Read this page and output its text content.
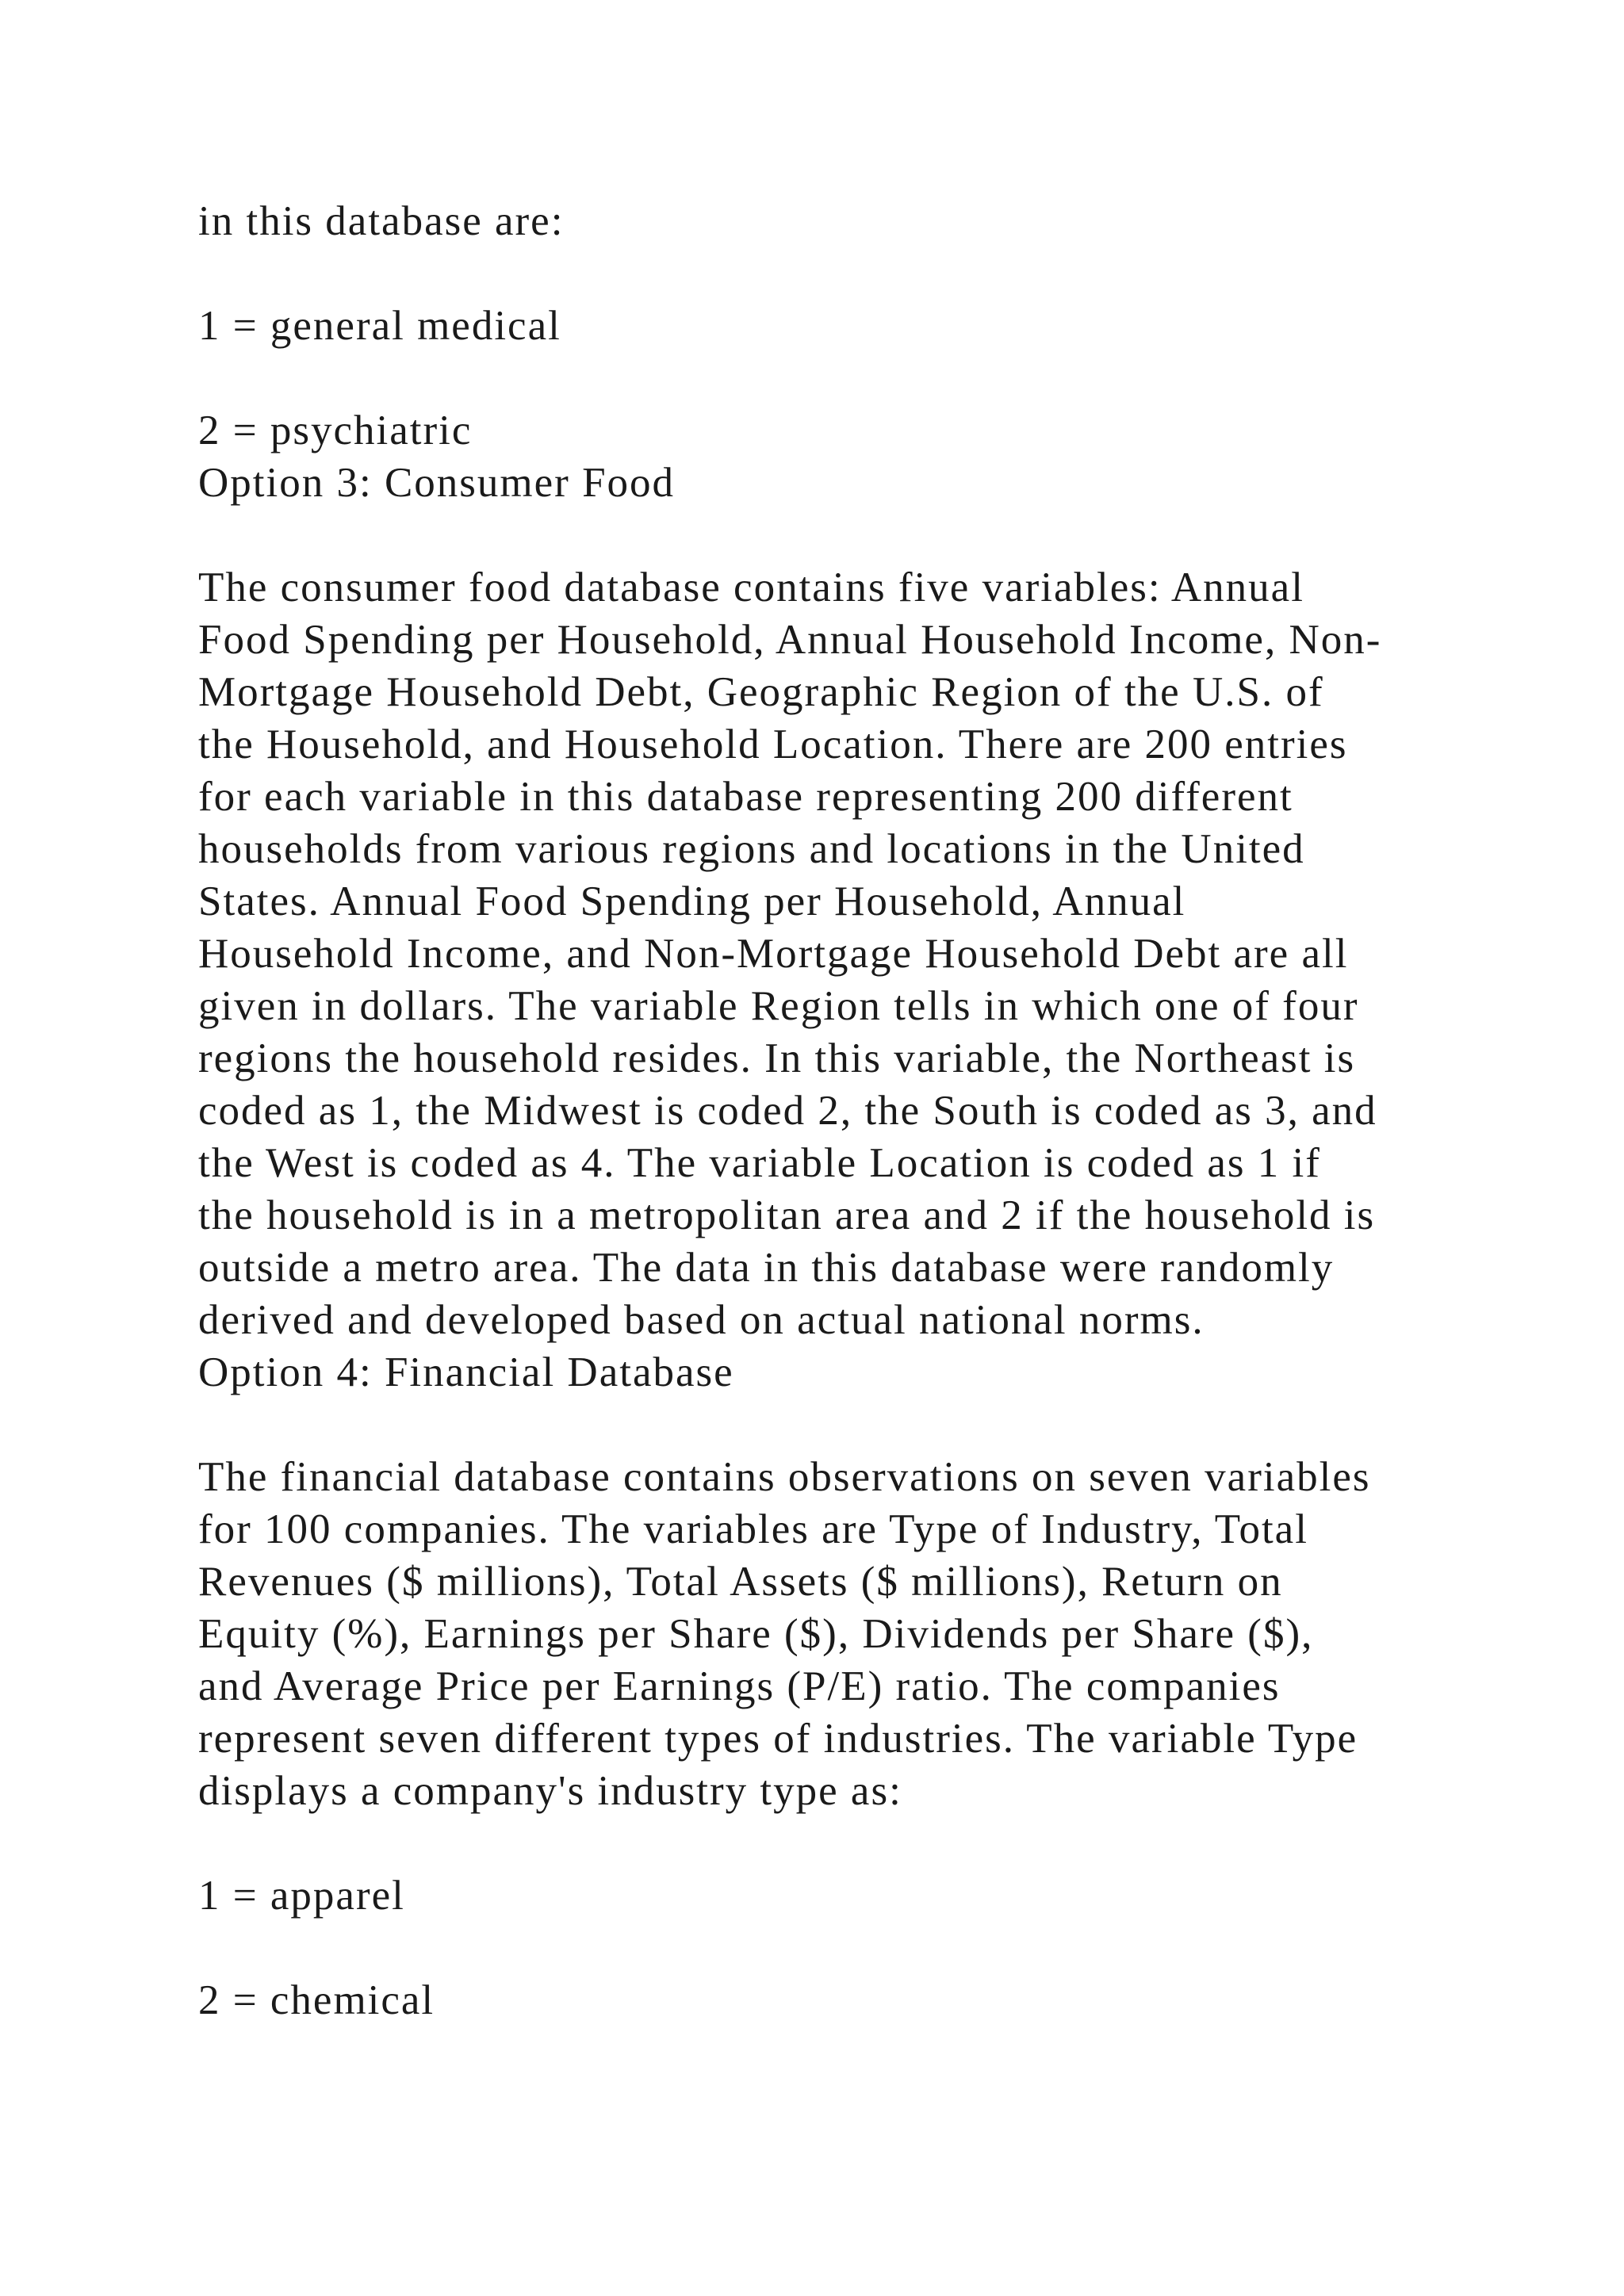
in this database are:
1 = general medical
2 = psychiatric
Option 3: Consumer Food
The consumer food database contains five variables: Annual
Food Spending per Household, Annual Household Income, Non-
Mortgage Household Debt, Geographic Region of the U.S. of
the Household, and Household Location. There are 200 entries
for each variable in this database representing 200 different
households from various regions and locations in the United
States. Annual Food Spending per Household, Annual
Household Income, and Non-Mortgage Household Debt are all
given in dollars. The variable Region tells in which one of four
regions the household resides. In this variable, the Northeast is
coded as 1, the Midwest is coded 2, the South is coded as 3, and
the West is coded as 4. The variable Location is coded as 1 if
the household is in a metropolitan area and 2 if the household is
outside a metro area. The data in this database were randomly
derived and developed based on actual national norms.
Option 4: Financial Database
The financial database contains observations on seven variables
for 100 companies. The variables are Type of Industry, Total
Revenues ($ millions), Total Assets ($ millions), Return on
Equity (%), Earnings per Share ($), Dividends per Share ($),
and Average Price per Earnings (P/E) ratio. The companies
represent seven different types of industries. The variable Type
displays a company's industry type as:
1 = apparel
2 = chemical
